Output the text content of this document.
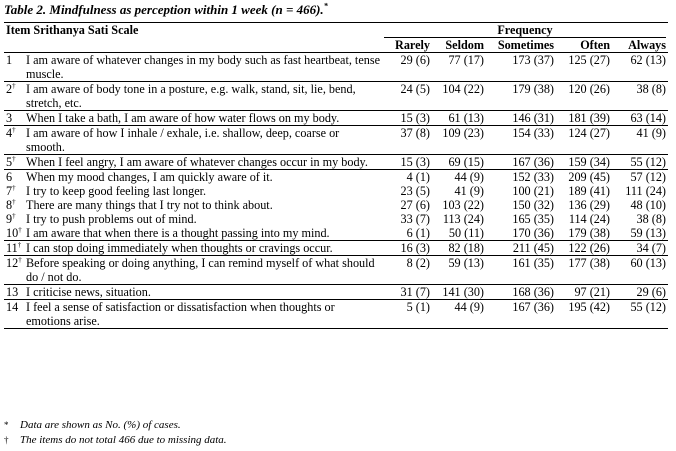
Table 2. Mindfulness as perception within 1 week (n = 466).*
Item Srithanya Sati Scale		Frequency				

		Rarely	Seldom	Sometimes	Often	Always
1	I am aware of whatever changes in my body such as fast heartbeat, tense muscle.	29 (6)	77 (17)	173 (37)	125 (27)	62 (13)
2†	I am aware of body tone in a posture, e.g. walk, stand, sit, lie, bend, stretch, etc.	24 (5)	104 (22)	179 (38)	120 (26)	38 (8)
3	When I take a bath, I am aware of how water flows on my body.	15 (3)	61 (13)	146 (31)	181 (39)	63 (14)
4†	I am aware of how I inhale / exhale, i.e. shallow, deep, coarse or smooth.	37 (8)	109 (23)	154 (33)	124 (27)	41 (9)
5†	When I feel angry, I am aware of whatever changes occur in my body.	15 (3)	69 (15)	167 (36)	159 (34)	55 (12)
6	When my mood changes, I am quickly aware of it.	4 (1)	44 (9)	152 (33)	209 (45)	57 (12)
7†	I try to keep good feeling last longer.	23 (5)	41 (9)	100 (21)	189 (41)	111 (24)
8†	There are many things that I try not to think about.	27 (6)	103 (22)	150 (32)	136 (29)	48 (10)
9†	I try to push problems out of mind.	33 (7)	113 (24)	165 (35)	114 (24)	38 (8)
10†	I am aware that when there is a thought passing into my mind.	6 (1)	50 (11)	170 (36)	179 (38)	59 (13)
11†	I can stop doing immediately when thoughts or cravings occur.	16 (3)	82 (18)	211 (45)	122 (26)	34 (7)
12†	Before speaking or doing anything, I can remind myself of what should do / not do.	8 (2)	59 (13)	161 (35)	177 (38)	60 (13)
13	I criticise news, situation.	31 (7)	141 (30)	168 (36)	97 (21)	29 (6)
14	I feel a sense of satisfaction or dissatisfaction when thoughts or emotions arise.	5 (1)	44 (9)	167 (36)	195 (42)	55 (12)
* Data are shown as No. (%) of cases.
† The items do not total 466 due to missing data.
